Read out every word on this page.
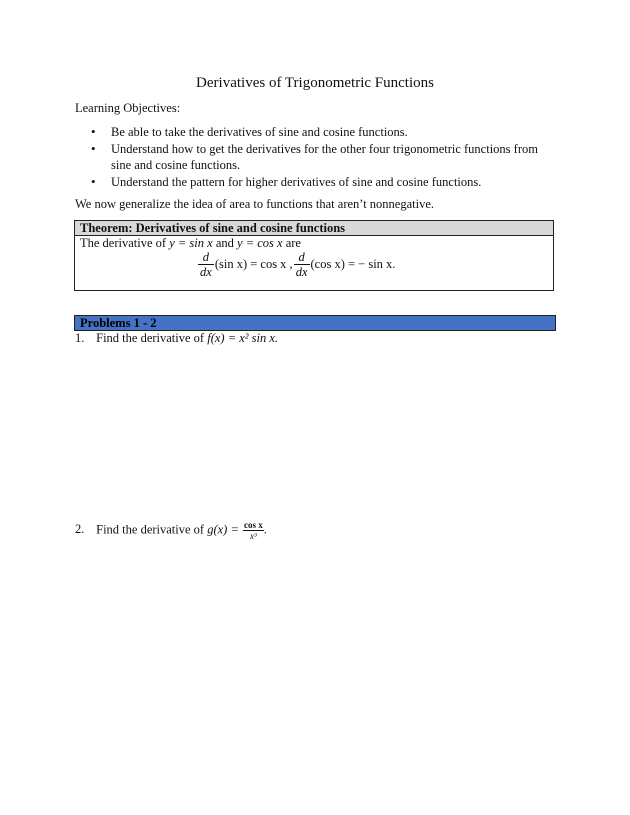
Derivatives of Trigonometric Functions
Learning Objectives:
• Be able to take the derivatives of sine and cosine functions.
• Understand how to get the derivatives for the other four trigonometric functions from sine and cosine functions.
• Understand the pattern for higher derivatives of sine and cosine functions.
We now generalize the idea of area to functions that aren’t nonnegative.
Theorem: Derivatives of sine and cosine functions
The derivative of y = sin x and y = cos x are
$\frac{d}{dx} (\sin$ x) = cos x , $\frac{d}{dx} (\cos$ x) = − sin x.
Problems 1 - 2
1. Find the derivative of f(x) = x² sin x.
2. Find the derivative of $g(x) = \frac{\text{cos x}}{\text{x³}}$ .
